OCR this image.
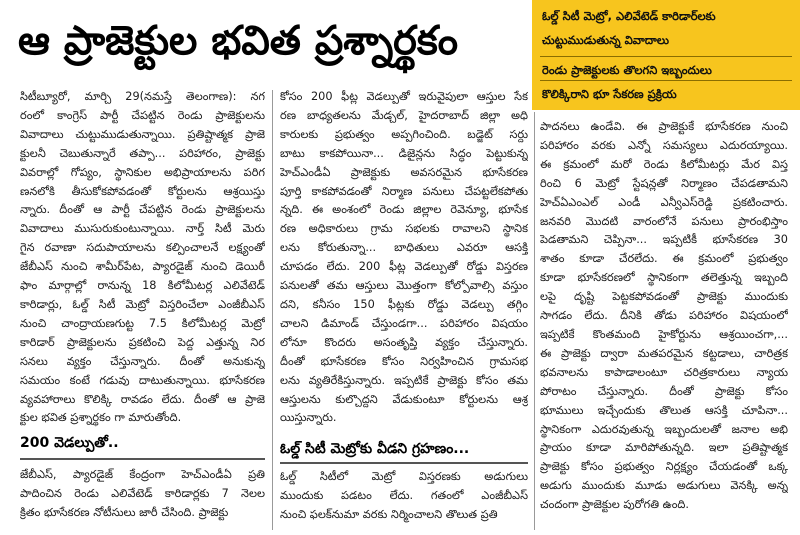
ఆ ప్రాజెక్టుల భవిత ప్రశ్నార్థకం
ఓల్డ్ సిటీ మెట్రో, ఎలివేటెడ్ కారిడార్‌లకు
చుట్టుముడుతున్న వివాదాలు
రెండు ప్రాజెక్టులకు తొలగని ఇబ్బందులు
కొలిక్కిరాని భూ సేకరణ ప్రక్రియ
సిటీబ్యూరో, మార్చి 29(నమస్తే తెలంగాణ): నగ
రంలో కాంగ్రెస్‌ పార్టీ చేపట్టిన రెండు ప్రాజెక్టులను
వివాదాలు చుట్టుముడుతున్నాయి. ప్రతిష్టాత్మక ప్రాజె
క్టులనీ చెబుతున్నారే తప్పా... పరిహారం, ప్రాజెక్టు
వివరాల్లో గోప్యం, స్థానికుల అభిప్రాయాలను పరిగ
ణనలోకి తీసుకోకపోవడంతో కోర్టులను ఆశ్రయిస్తు
న్నారు. దీంతో ఆ పార్టీ చేపట్టిన రెండు ప్రాజెక్టులను
వివాదాలు ముసురుకుంటున్నాయి. నార్త్‌ సిటీ మెరు
గైన రవాణా సదుపాయాలను కల్పించాలనే లక్ష్యంతో
జేబీఎస్‌ నుంచి శామీర్‌పేట, ప్యారడైజ్‌ నుంచి డెయిరీ
ఫాం మార్గాల్లో రానున్న 18 కిలోమీటర్ల ఎలివేటెడ్‌
కారిడార్లు, ఓల్డ్‌ సిటీ మెట్రో విస్తరించేలా ఎంజీబీఎస్‌
నుంచి చాంద్రాయణగుట్ట 7.5 కిలోమీటర్ల మెట్రో
కారిడార్‌ ప్రాజెక్టులను ప్రకటించి పెద్ద ఎత్తున్న నిర
సనలు వ్యక్తం చేస్తున్నారు. దీంతో అనుకున్న
సమయం కంటే గడువు దాటుతున్నాయి. భూసేకరణ
వ్యవహారాలు కొలిక్కి రావడం లేదు. దీంతో ఆ ప్రాజె
క్టుల భవిత ప్రశ్నార్థకం గా మారుతోంది.
200 వెడల్పుతో..
జేబీఎస్‌, ప్యారడైజ్‌ కేంద్రంగా హెచ్‌ఎండీఏ ప్రతి
పాదించిన రెండు ఎలివేటెడ్‌ కారిడార్లకు 7 నెలల
క్రితం భూసేకరణ నోటీసులు జారీ చేసింది. ప్రాజెక్టు
కోసం 200 ఫీట్ల వెడల్పుతో ఇరువైపులా ఆస్తుల సేక
రణ బాధ్యతలను మేడ్చల్‌, హైదరాబాద్‌ జిల్లా అధి
కారులకు ప్రభుత్వం అప్పగించింది. బడ్జెట్‌ సర్దు
బాటు కాకపోయినా... డిజైన్లను సిద్ధం పెట్టుకున్న
హెచ్‌ఎండీఏ ప్రాజెక్టుకు అవసరమైన భూసేకరణ
పూర్తి కాకపోవడంతో నిర్మాణ పనులు చేపట్టలేకపోతు
న్నది. ఈ అంశంలో రెండు జిల్లాల రెవెన్యూ, భూసేక
రణ అధికారులు గ్రామ సభలకు రావాలని స్థానిక
లను కోరుతున్నా... బాధితులు ఎవరూ ఆసక్తి
చూపడం లేదు. 200 ఫీట్ల వెడల్పుతో రోడ్డు విస్తరణ
పనులతో తమ ఆస్తులు మొత్తంగా కోల్పోవాల్సి వస్తుం
దని, కనీసం 150 ఫీట్లకు రోడ్డు వెడల్పు తగ్గిం
చాలని డిమాండ్‌ చేస్తుండగా... పరిహారం విషయం
లోనూ కొందరు అసంతృప్తి వ్యక్తం చేస్తున్నారు.
దీంతో భూసేకరణ కోసం నిర్వహించిన గ్రామసభ
లను వ్యతిరేకిస్తున్నారు. ఇప్పటికే ప్రాజెక్టు కోసం తమ
ఆస్తులను కుల్చొద్దని వేడుకుంటూ కోర్టులను ఆశ్ర
యిస్తున్నారు.
ఓల్డ్‌ సిటీ మెట్రోకు వీడని గ్రహణం...
ఓల్డ్‌ సిటీలో మెట్రో విస్తరణకు అడుగులు
ముందుకు పడటం లేదు. గతంలో ఎంజీబీఎస్‌
నుంచి ఫలక్‌నుమా వరకు నిర్మించాలని తొలుత ప్రతి
పాదనలు ఉండేవి. ఈ ప్రాజెక్టుకే భూసేకరణ నుంచి
పరిహారం వరకు ఎన్నో సమస్యలు ఎదురయ్యాయి.
ఈ క్రమంలో మరో రెండు కిలోమీటర్లు మేర విస్త
రించి 6 మెట్రో స్టేషన్లతో నిర్మాణం చేపడతామని
హెచ్‌ఏఎంఎల్‌ ఎండీ ఎన్వీఎస్‌రెడ్డి ప్రకటించారు.
జనవరి మొదటి వారంలోనే పనులు ప్రారంభిస్తాం
పెడతామని చెప్పినా... ఇప్పటికీ భూసేకరణ 30
శాతం కూడా చేరలేదు. ఈ క్రమంలో ప్రభుత్వం
కూడా భూసేకరణలో స్థానికంగా తలెత్తున్న ఇబ్బంది
లపై దృష్టి పెట్టకపోవడంతో ప్రాజెక్టు ముందుకు
సాగడం లేదు. దీనికి తోడు పరిహారం విషయంలో
ఇప్పటికే కొంతమంది హైకోర్టును ఆశ్రయించగా,...
ఈ ప్రాజెక్టు ద్వారా మతపరమైన కట్టడాలు, చారిత్రక
భవనాలను కాపాడాలంటూ చరిత్రకారులు న్యాయ
పోరాటం చేస్తున్నారు. దీంతో ప్రాజెక్టు కోసం
భూములు ఇచ్చేందుకు తొలుత ఆసక్తి చూపినా...
స్థానికంగా ఎదురవుతున్న ఇబ్బందులతో జనాల అభి
ప్రాయం కూడా మారిపోతున్నది. ఇలా ప్రతిష్టాత్మక
ప్రాజెక్టు కోసం ప్రభుత్వం నిర్లక్ష్యం చేయడంతో ఒక్క
అడుగు ముందుకు మూడు అడుగులు వెనక్కి అన్న
చందంగా ప్రాజెక్టుల పురోగతి ఉంది.
